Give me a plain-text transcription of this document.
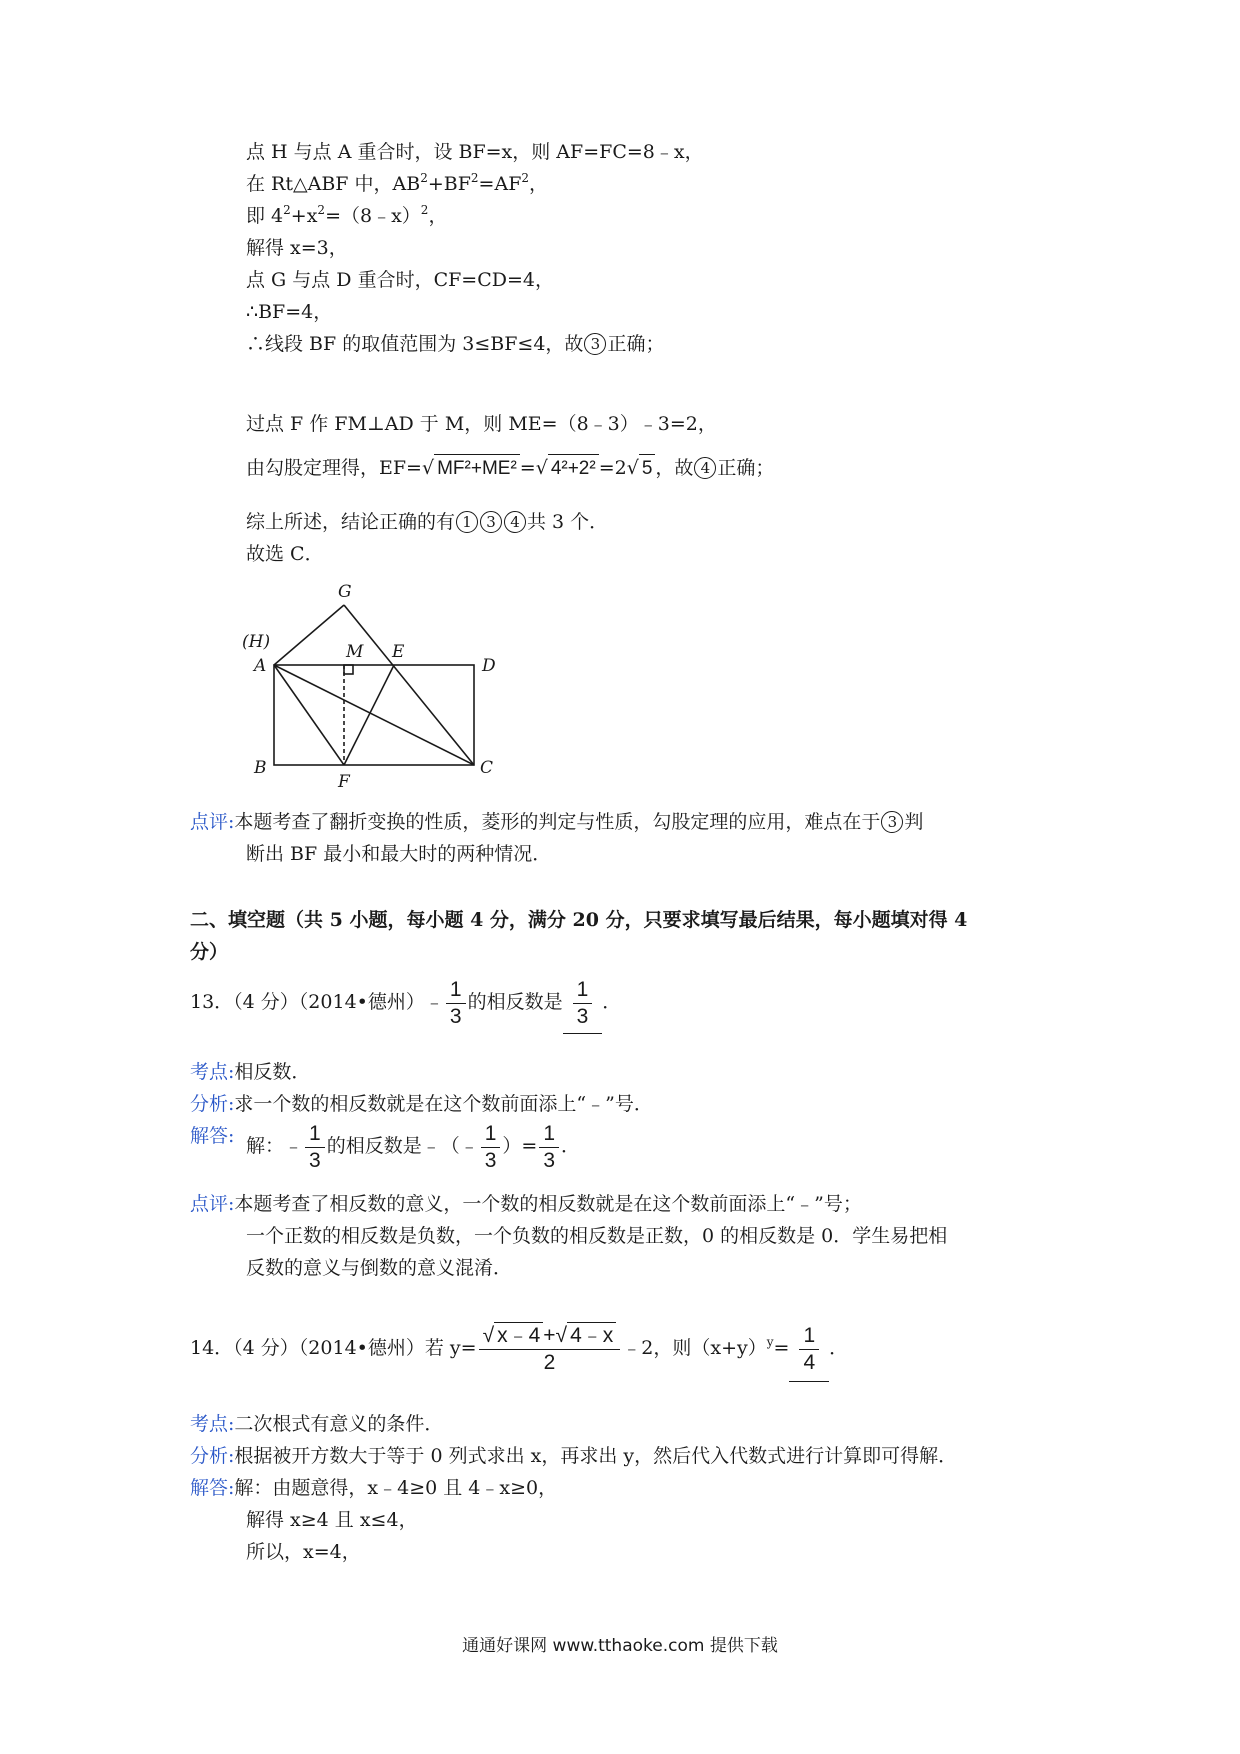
点 H 与点 A 重合时，设 BF=x，则 AF=FC=8﹣x，
在 Rt△ABF 中，$AB^2+BF^2=AF^2$，
即 $4^2+x^2=(8﹣x)^2$，
解得 x=3，
点 G 与点 D 重合时，CF=CD=4，
∴BF=4，
∴线段 BF 的取值范围为 3≤BF≤4，故 3 正确；
过点 F 作 FM⊥AD 于 M，则 ME=（8﹣3）﹣3=2，
由勾股定理得，EF=√ MF²+ME² =√ 4²+2² =2√ 5 ，故 4 正确；
综上所述，结论正确的有 1 3 4 共 3 个．
故选 C．
G
(H)	M E
A	D
B
F
C
点评:本题考查了翻折变换的性质，菱形的判定与性质，勾股定理的应用，难点在于 3 判
断出 BF 最小和最大时的两种情况．
二、填空题（共 5 小题，每小题 4 分，满分 20 分，只要求填写最后结果，每小题填对得 4
分）
13．（4 分）（2014•德州）﹣ $\frac{1}{3}$ 的相反数是 $\frac{1}{3}$ ．
考点:相反数．
分析:求一个数的相反数就是在这个数前面添上“﹣”号．
解答: 解：﹣ $\frac{1}{3}$ 的相反数是﹣（﹣ $\frac{1}{3}$ ）= $\frac{1}{3}$ ．
点评:本题考查了相反数的意义，一个数的相反数就是在这个数前面添上“﹣”号；
一个正数的相反数是负数，一个负数的相反数是正数，0 的相反数是 0．学生易把相
反数的意义与倒数的意义混淆．
14．（4 分）（2014•德州）若 $y= \frac{√ x﹣4 +√ 4﹣x}{2}$ ﹣2，则$(x+y)^y= \frac{1}{4}$ ．
考点:二次根式有意义的条件．
分析:根据被开方数大于等于 0 列式求出 x，再求出 y，然后代入代数式进行计算即可得解．
解答:解：由题意得，x﹣4≥0 且 4﹣x≥0，
解得 x≥4 且 x≤4，
所以，x=4，
通通好课网 www.tthaoke.com 提供下载
